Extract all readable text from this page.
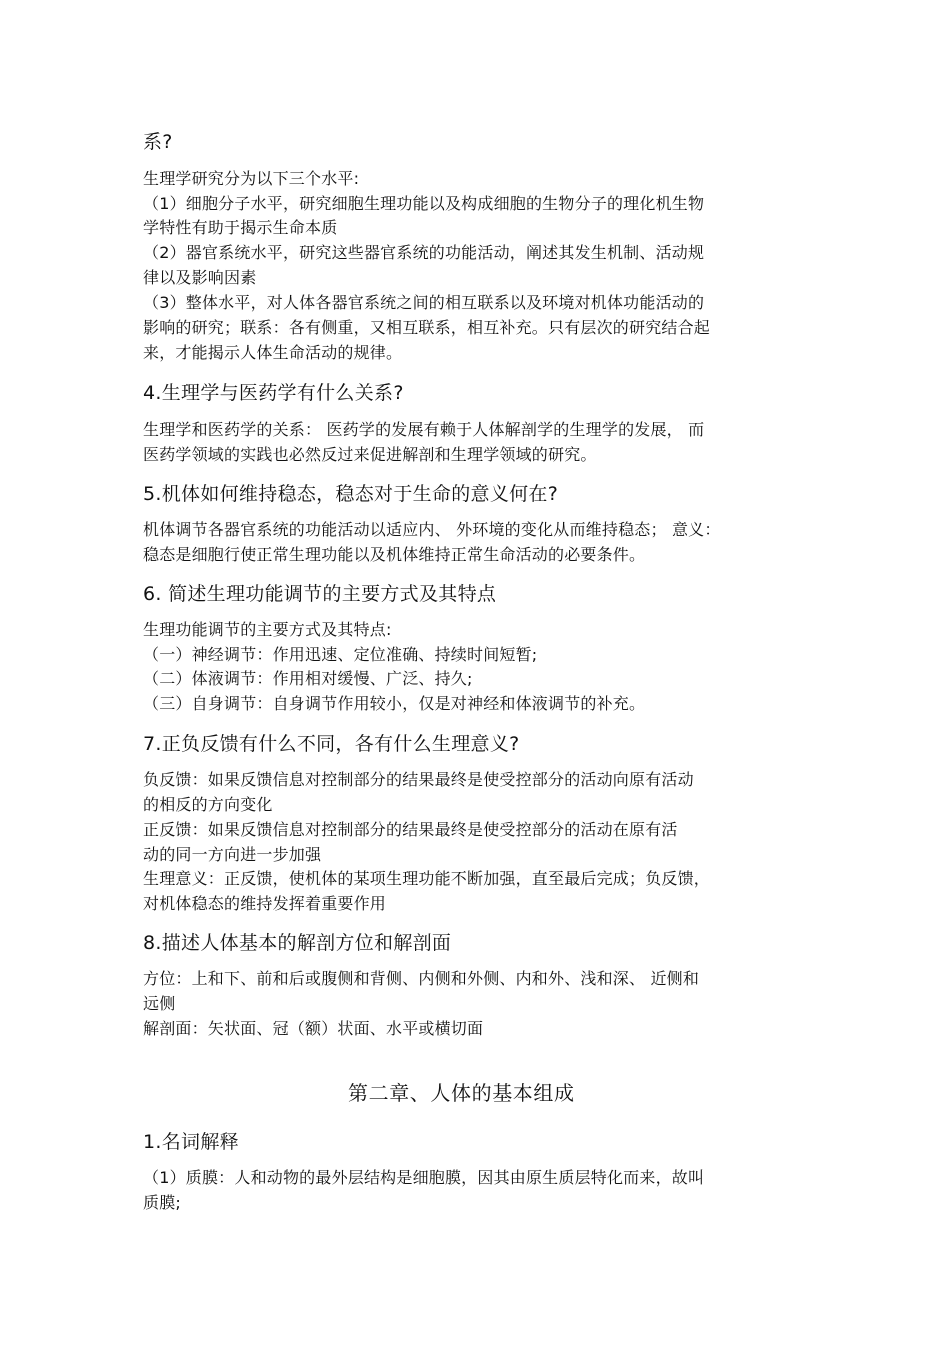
系?
生理学研究分为以下三个水平:
（1）细胞分子水平，研究细胞生理功能以及构成细胞的生物分子的理化机生物
学特性有助于揭示生命本质
（2）器官系统水平，研究这些器官系统的功能活动，阐述其发生机制、活动规
律以及影响因素
（3）整体水平，对人体各器官系统之间的相互联系以及环境对机体功能活动的
影响的研究；联系：各有侧重，又相互联系，相互补充。只有层次的研究结合起
来，才能揭示人体生命活动的规律。
4.生理学与医药学有什么关系?
生理学和医药学的关系： 医药学的发展有赖于人体解剖学的生理学的发展， 而
医药学领域的实践也必然反过来促进解剖和生理学领域的研究。
5.机体如何维持稳态，稳态对于生命的意义何在?
机体调节各器官系统的功能活动以适应内、 外环境的变化从而维持稳态； 意义：
稳态是细胞行使正常生理功能以及机体维持正常生命活动的必要条件。
6. 简述生理功能调节的主要方式及其特点
生理功能调节的主要方式及其特点:
（一）神经调节：作用迅速、定位准确、持续时间短暂;
（二）体液调节：作用相对缓慢、广泛、持久;
（三）自身调节：自身调节作用较小，仅是对神经和体液调节的补充。
7.正负反馈有什么不同，各有什么生理意义?
负反馈：如果反馈信息对控制部分的结果最终是使受控部分的活动向原有活动
的相反的方向变化
正反馈：如果反馈信息对控制部分的结果最终是使受控部分的活动在原有活
动的同一方向进一步加强
生理意义：正反馈，使机体的某项生理功能不断加强，直至最后完成；负反馈，
对机体稳态的维持发挥着重要作用
8.描述人体基本的解剖方位和解剖面
方位：上和下、前和后或腹侧和背侧、内侧和外侧、内和外、浅和深、 近侧和
远侧
解剖面：矢状面、冠（额）状面、水平或横切面
第二章、人体的基本组成
1.名词解释
（1）质膜：人和动物的最外层结构是细胞膜，因其由原生质层特化而来，故叫
质膜;
